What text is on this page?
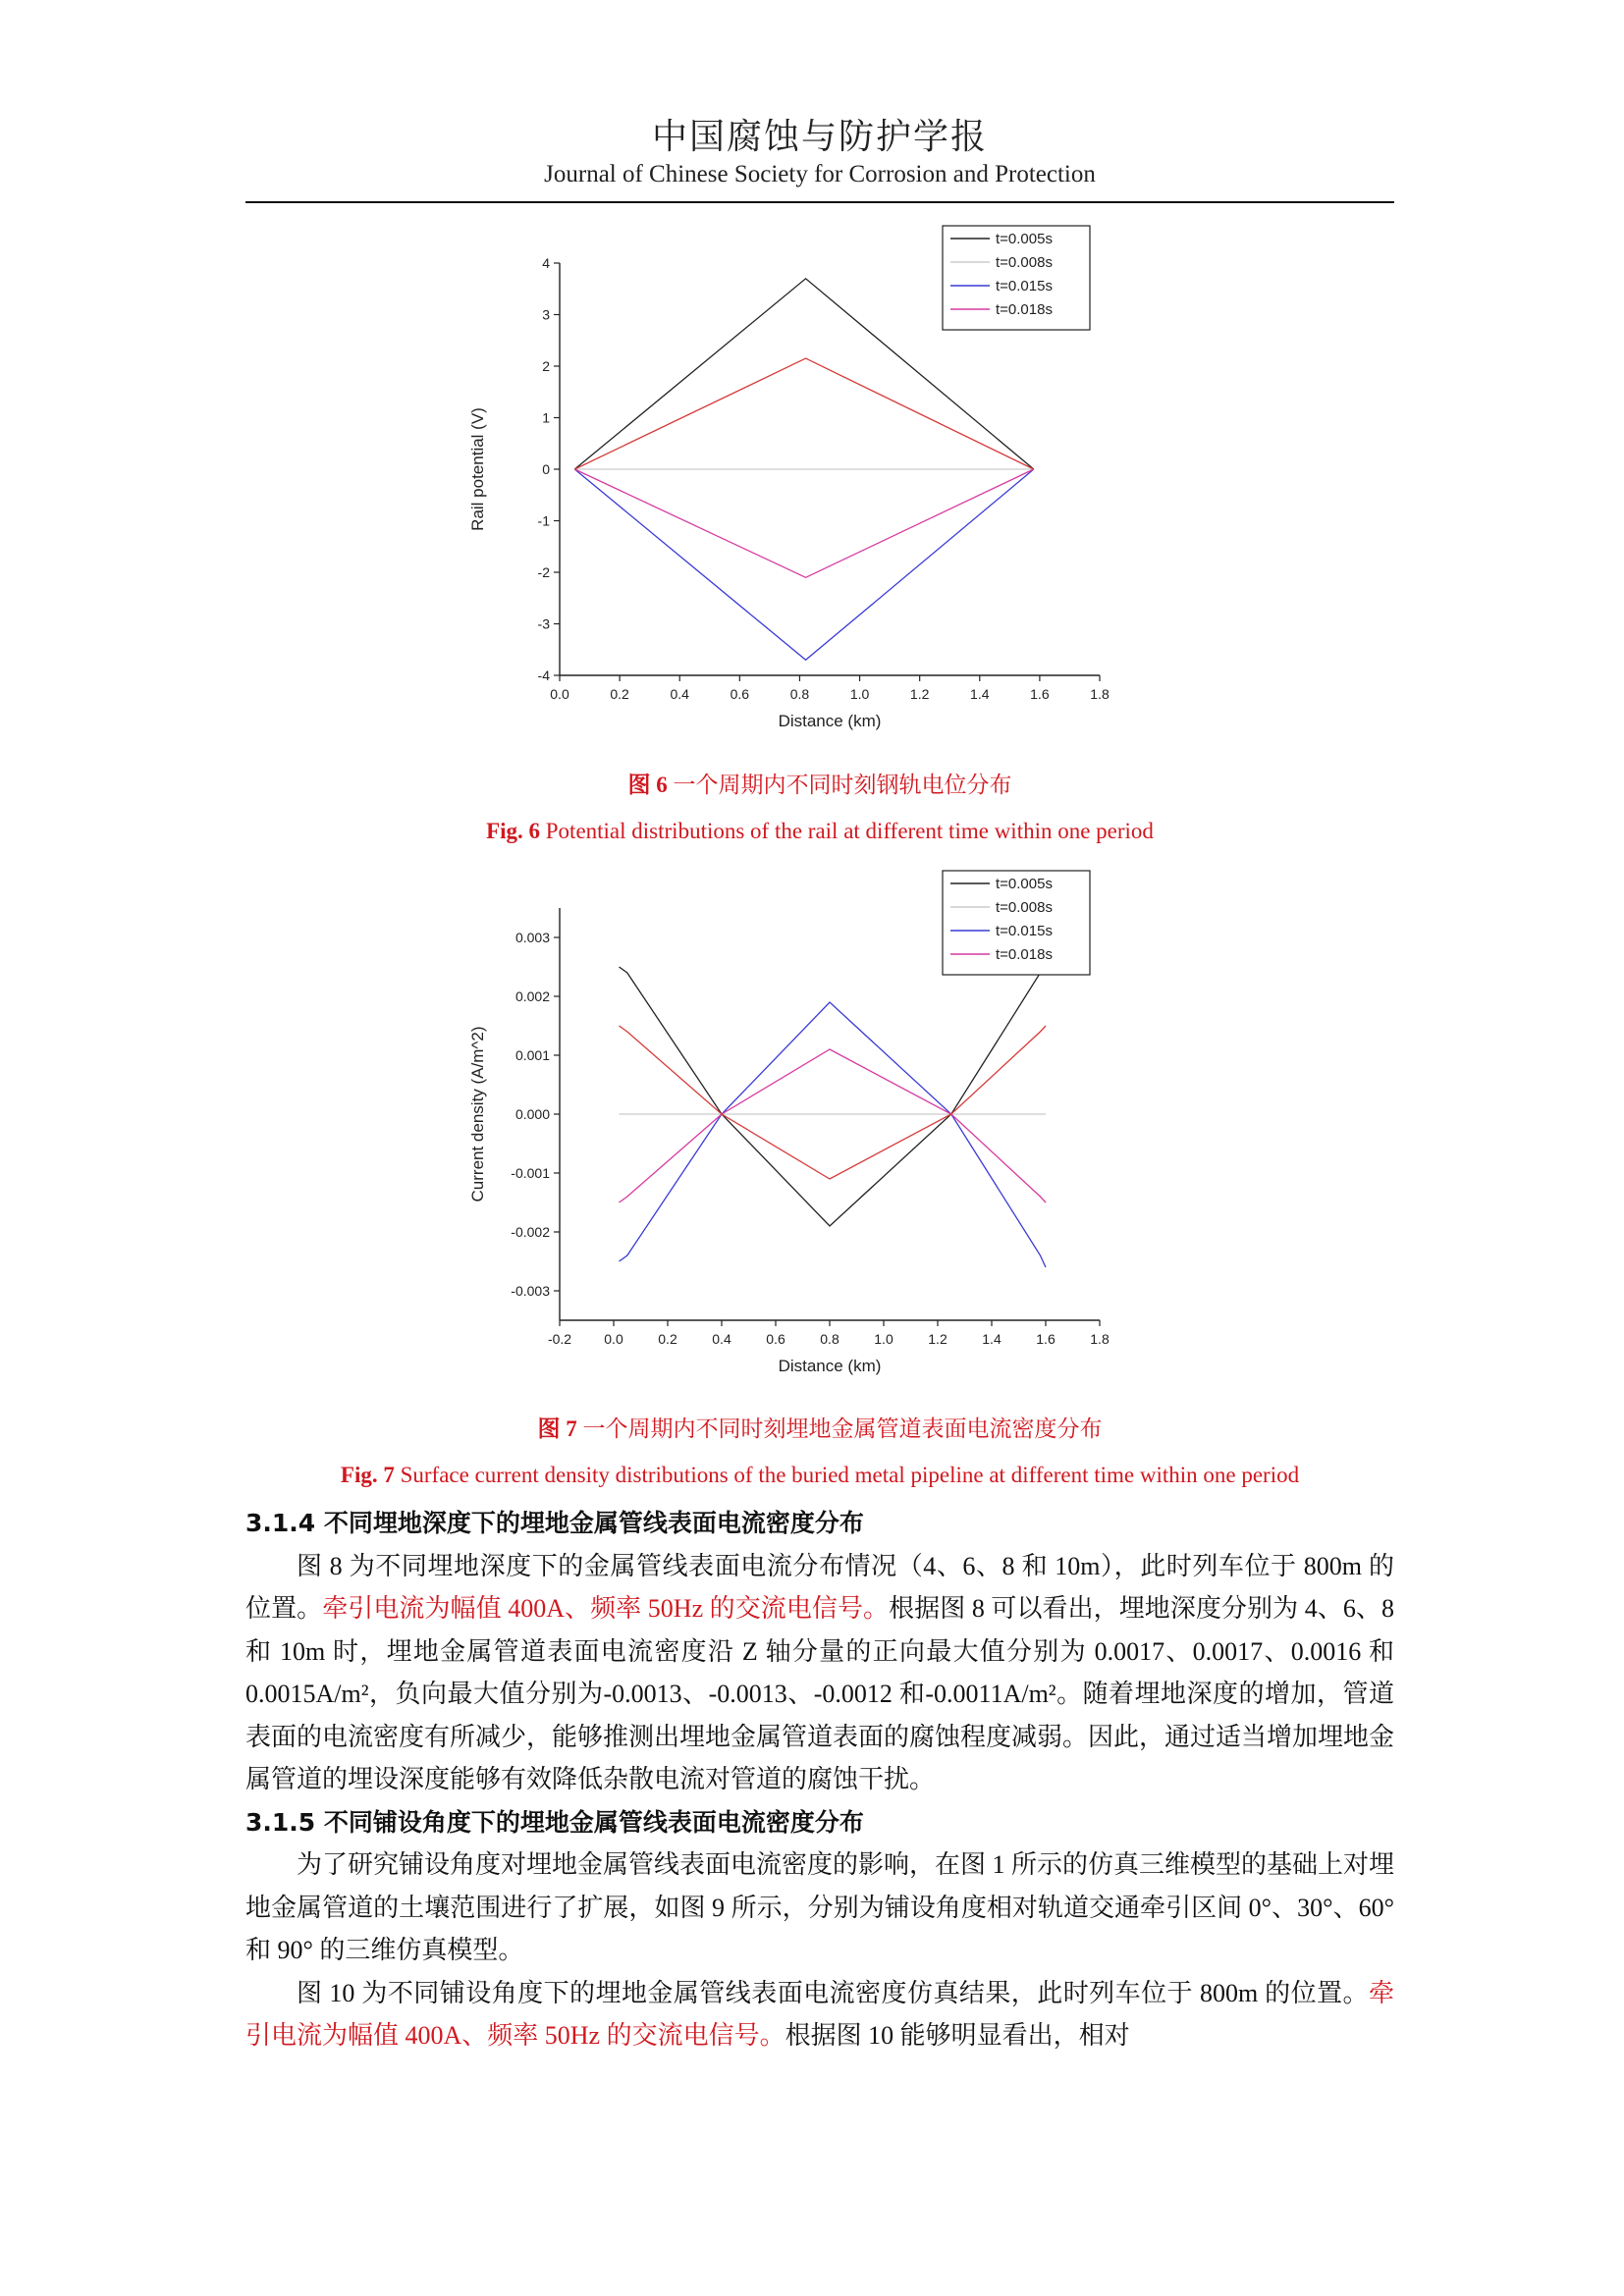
中国腐蚀与防护学报
Journal of Chinese Society for Corrosion and Protection
0.0	0.2	0.4	0.6	0.8	1.0	1.2	1.4	1.6	1.8
-4
-3
-2
-1
0
1
2
3
4
Distance (km)
Rail potential (V)
t=0.005s
t=0.008s
t=0.015s
t=0.018s
图 6 一个周期内不同时刻钢轨电位分布
Fig. 6 Potential distributions of the rail at different time within one period
-0.2 0.0	0.2	0.4	0.6	0.8	1.0	1.2	1.4	1.6	1.8
-0.003
-0.002
-0.001
0.000
0.001
0.002
0.003
Distance (km)
Current density (A/m^2)
t=0.005s
t=0.008s
t=0.015s
t=0.018s
图 7 一个周期内不同时刻埋地金属管道表面电流密度分布
Fig. 7 Surface current density distributions of the buried metal pipeline at different time within one period
3.1.4 不同埋地深度下的埋地金属管线表面电流密度分布

图 8 为不同埋地深度下的金属管线表面电流分布情况（4、6、8 和 10m），此时列车位于 800m 的位置。牵引电流为幅值 400A、频率 50Hz 的交流电信号。根据图 8 可以看出，埋地深度分别为 4、6、8 和 10m 时，埋地金属管道表面电流密度沿 Z 轴分量的正向最大值分别为 0.0017、0.0017、0.0016 和 0.0015A/m²，负向最大值分别为-0.0013、-0.0013、-0.0012 和-0.0011A/m²。随着埋地深度的增加，管道表面的电流密度有所减少，能够推测出埋地金属管道表面的腐蚀程度减弱。因此，通过适当增加埋地金属管道的埋设深度能够有效降低杂散电流对管道的腐蚀干扰。

3.1.5 不同铺设角度下的埋地金属管线表面电流密度分布

为了研究铺设角度对埋地金属管线表面电流密度的影响，在图 1 所示的仿真三维模型的基础上对埋地金属管道的土壤范围进行了扩展，如图 9 所示，分别为铺设角度相对轨道交通牵引区间 0°、30°、60° 和 90° 的三维仿真模型。

图 10 为不同铺设角度下的埋地金属管线表面电流密度仿真结果，此时列车位于 800m 的位置。牵引电流为幅值 400A、频率 50Hz 的交流电信号。根据图 10 能够明显看出，相对
